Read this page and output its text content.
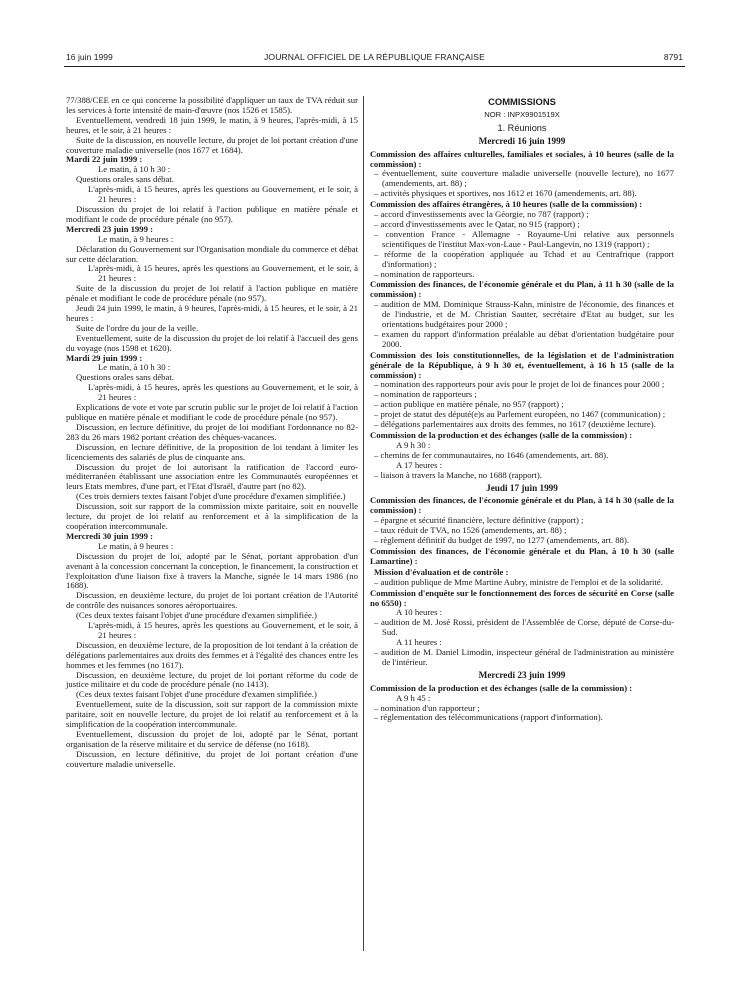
16 juin 1999	JOURNAL OFFICIEL DE LA RÉPUBLIQUE FRANÇAISE	8791

77/388/CEE en ce qui concerne la possibilité d'appliquer un taux de TVA réduit sur les services à forte intensité de main-d'œuvre (nos 1526 et 1585).

Eventuellement, vendredi 18 juin 1999, le matin, à 9 heures, l'après-midi, à 15 heures, et le soir, à 21 heures :

Suite de la discussion, en nouvelle lecture, du projet de loi portant création d'une couverture maladie universelle (nos 1677 et 1684).

Mardi 22 juin 1999 :

Le matin, à 10 h 30 :

Questions orales sans débat.

L'après-midi, à 15 heures, après les questions au Gouvernement, et le soir, à 21 heures :

Discussion du projet de loi relatif à l'action publique en matière pénale et modifiant le code de procédure pénale (no 957).

Mercredi 23 juin 1999 :

Le matin, à 9 heures :

Déclaration du Gouvernement sur l'Organisation mondiale du commerce et débat sur cette déclaration.

L'après-midi, à 15 heures, après les questions au Gouvernement, et le soir, à 21 heures :

Suite de la discussion du projet de loi relatif à l'action publique en matière pénale et modifiant le code de procédure pénale (no 957).

Jeudi 24 juin 1999, le matin, à 9 heures, l'après-midi, à 15 heures, et le soir, à 21 heures :

Suite de l'ordre du jour de la veille.

Eventuellement, suite de la discussion du projet de loi relatif à l'accueil des gens du voyage (nos 1598 et 1620).

Mardi 29 juin 1999 :

Le matin, à 10 h 30 :

Questions orales sans débat.

L'après-midi, à 15 heures, après les questions au Gouvernement, et le soir, à 21 heures :

Explications de vote et vote par scrutin public sur le projet de loi relatif à l'action publique en matière pénale et modifiant le code de procédure pénale (no 957).

Discussion, en lecture définitive, du projet de loi modifiant l'ordonnance no 82-283 du 26 mars 1982 portant création des chèques-vacances.

Discussion, en lecture définitive, de la proposition de loi tendant à limiter les licenciements des salariés de plus de cinquante ans.

Discussion du projet de loi autorisant la ratification de l'accord euro-méditerranéen établissant une association entre les Communautés européennes et leurs Etats membres, d'une part, et l'Etat d'Israël, d'autre part (no 82).

(Ces trois derniers textes faisant l'objet d'une procédure d'examen simplifiée.)

Discussion, soit sur rapport de la commission mixte paritaire, soit en nouvelle lecture, du projet de loi relatif au renforcement et à la simplification de la coopération intercommunale.

Mercredi 30 juin 1999 :

Le matin, à 9 heures :

Discussion du projet de loi, adopté par le Sénat, portant approbation d'un avenant à la concession concernant la conception, le financement, la construction et l'exploitation d'une liaison fixe à travers la Manche, signée le 14 mars 1986 (no 1688).

Discussion, en deuxième lecture, du projet de loi portant création de l'Autorité de contrôle des nuisances sonores aéroportuaires.

(Ces deux textes faisant l'objet d'une procédure d'examen simplifiée.)

L'après-midi, à 15 heures, après les questions au Gouvernement, et le soir, à 21 heures :

Discussion, en deuxième lecture, de la proposition de loi tendant à la création de délégations parlementaires aux droits des femmes et à l'égalité des chances entre les hommes et les femmes (no 1617).

Discussion, en deuxième lecture, du projet de loi portant réforme du code de justice militaire et du code de procédure pénale (no 1413).

(Ces deux textes faisant l'objet d'une procédure d'examen simplifiée.)

Eventuellement, suite de la discussion, soit sur rapport de la commission mixte paritaire, soit en nouvelle lecture, du projet de loi relatif au renforcement et à la simplification de la coopération intercommunale.

Eventuellement, discussion du projet de loi, adopté par le Sénat, portant organisation de la réserve militaire et du service de défense (no 1618).

Discussion, en lecture définitive, du projet de loi portant création d'une couverture maladie universelle.

COMMISSIONS

NOR : INPX9901519X

1. Réunions

Mercredi 16 juin 1999

Commission des affaires culturelles, familiales et sociales, à 10 heures (salle de la commission) :

– éventuellement, suite couverture maladie universelle (nouvelle lecture), no 1677 (amendements, art. 88) ;

– activités physiques et sportives, nos 1612 et 1670 (amendements, art. 88).

Commission des affaires étrangères, à 10 heures (salle de la commission) :

– accord d'investissements avec la Géorgie, no 787 (rapport) ;

– accord d'investissements avec le Qatar, no 915 (rapport) ;

– convention France - Allemagne - Royaume-Uni relative aux personnels scientifiques de l'institut Max-von-Laue - Paul-Langevin, no 1319 (rapport) ;

– réforme de la coopération appliquée au Tchad et au Centrafrique (rapport d'information) ;

– nomination de rapporteurs.

Commission des finances, de l'économie générale et du Plan, à 11 h 30 (salle de la commission) :

– audition de MM. Dominique Strauss-Kahn, ministre de l'économie, des finances et de l'industrie, et de M. Christian Sautter, secrétaire d'Etat au budget, sur les orientations budgétaires pour 2000 ;

– examen du rapport d'information préalable au débat d'orientation budgétaire pour 2000.

Commission des lois constitutionnelles, de la législation et de l'administration générale de la République, à 9 h 30 et, éventuellement, à 16 h 15 (salle de la commission) :

– nomination des rapporteurs pour avis pour le projet de loi de finances pour 2000 ;

– nomination de rapporteurs ;

– action publique en matière pénale, no 957 (rapport) ;

– projet de statut des député(e)s au Parlement européen, no 1467 (communication) ;

– délégations parlementaires aux droits des femmes, no 1617 (deuxième lecture).

Commission de la production et des échanges (salle de la commission) :

A 9 h 30 :

– chemins de fer communautaires, no 1646 (amendements, art. 88).

A 17 heures :

– liaison à travers la Manche, no 1688 (rapport).

Jeudi 17 juin 1999

Commission des finances, de l'économie générale et du Plan, à 14 h 30 (salle de la commission) :

– épargne et sécurité financière, lecture définitive (rapport) ;

– taux réduit de TVA, no 1526 (amendements, art. 88) ;

– règlement définitif du budget de 1997, no 1277 (amendements, art. 88).

Commission des finances, de l'économie générale et du Plan, à 10 h 30 (salle Lamartine) :

Mission d'évaluation et de contrôle :

– audition publique de Mme Martine Aubry, ministre de l'emploi et de la solidarité.

Commission d'enquête sur le fonctionnement des forces de sécurité en Corse (salle no 6550) :

A 10 heures :

– audition de M. José Rossi, président de l'Assemblée de Corse, député de Corse-du-Sud.

A 11 heures :

– audition de M. Daniel Limodin, inspecteur général de l'administration au ministère de l'intérieur.

Mercredi 23 juin 1999

Commission de la production et des échanges (salle de la commission) :

A 9 h 45 :

– nomination d'un rapporteur ;

– réglementation des télécommunications (rapport d'information).
